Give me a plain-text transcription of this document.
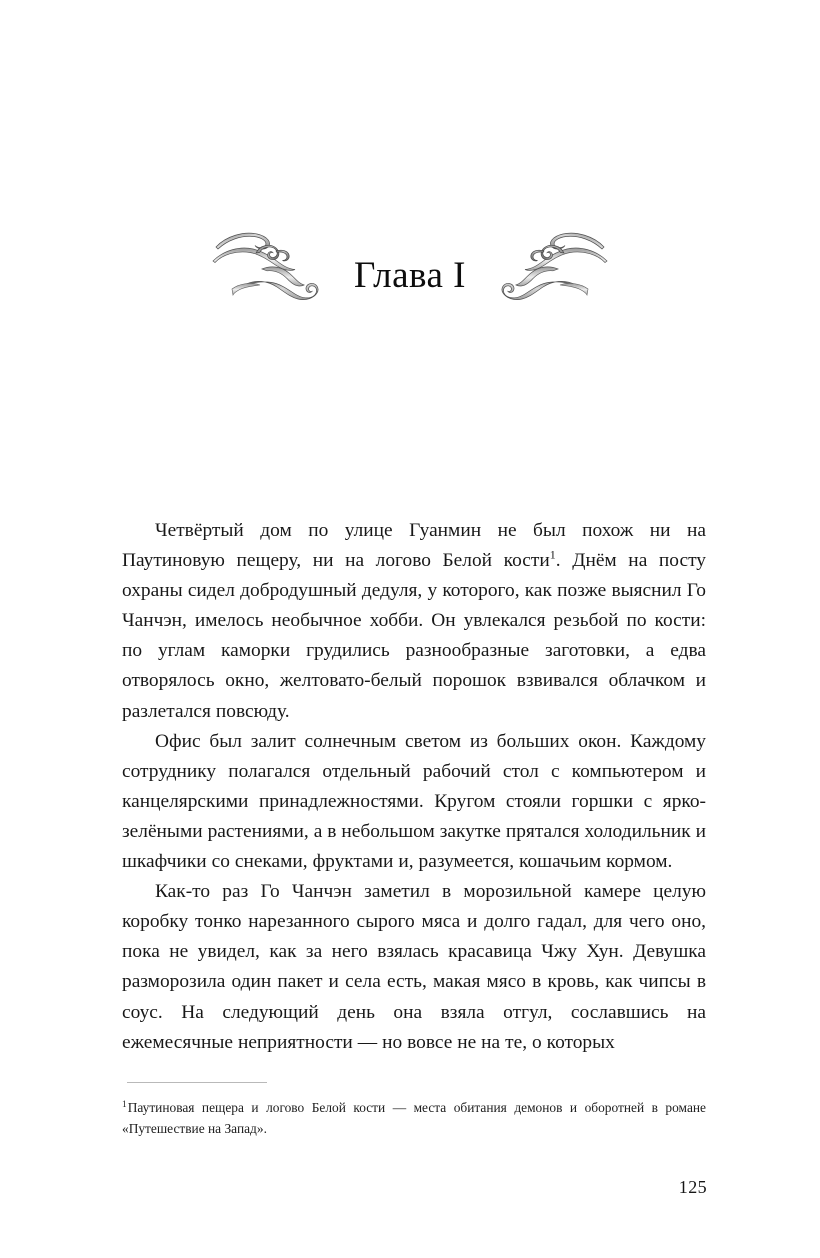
Глава I

Четвёртый дом по улице Гуанмин не был похож ни на Паутиновую пещеру, ни на логово Белой кости$^1$. Днём на посту охраны сидел добродушный дедуля, у которого, как позже выяснил Го Чанчэн, имелось необычное хобби. Он увлекался резьбой по кости: по углам каморки грудились разнообразные заготовки, а едва отворялось окно, желтовато-белый порошок взвивался облачком и разлетался повсюду.

Офис был залит солнечным светом из больших окон. Каждому сотруднику полагался отдельный рабочий стол с компьютером и канцелярскими принадлежностями. Кругом стояли горшки с ярко-зелёными растениями, а в небольшом закутке прятался холодильник и шкафчики со снеками, фруктами и, разумеется, кошачьим кормом.

Как-то раз Го Чанчэн заметил в морозильной камере целую коробку тонко нарезанного сырого мяса и долго гадал, для чего оно, пока не увидел, как за него взялась красавица Чжу Хун. Девушка разморозила один пакет и села есть, макая мясо в кровь, как чипсы в соус. На следующий день она взяла отгул, сославшись на ежемесячные неприятности — но вовсе не на те, о которых

$^1$Паутиновая пещера и логово Белой кости — места обитания демонов и оборотней в романе «Путешествие на Запад».

125
